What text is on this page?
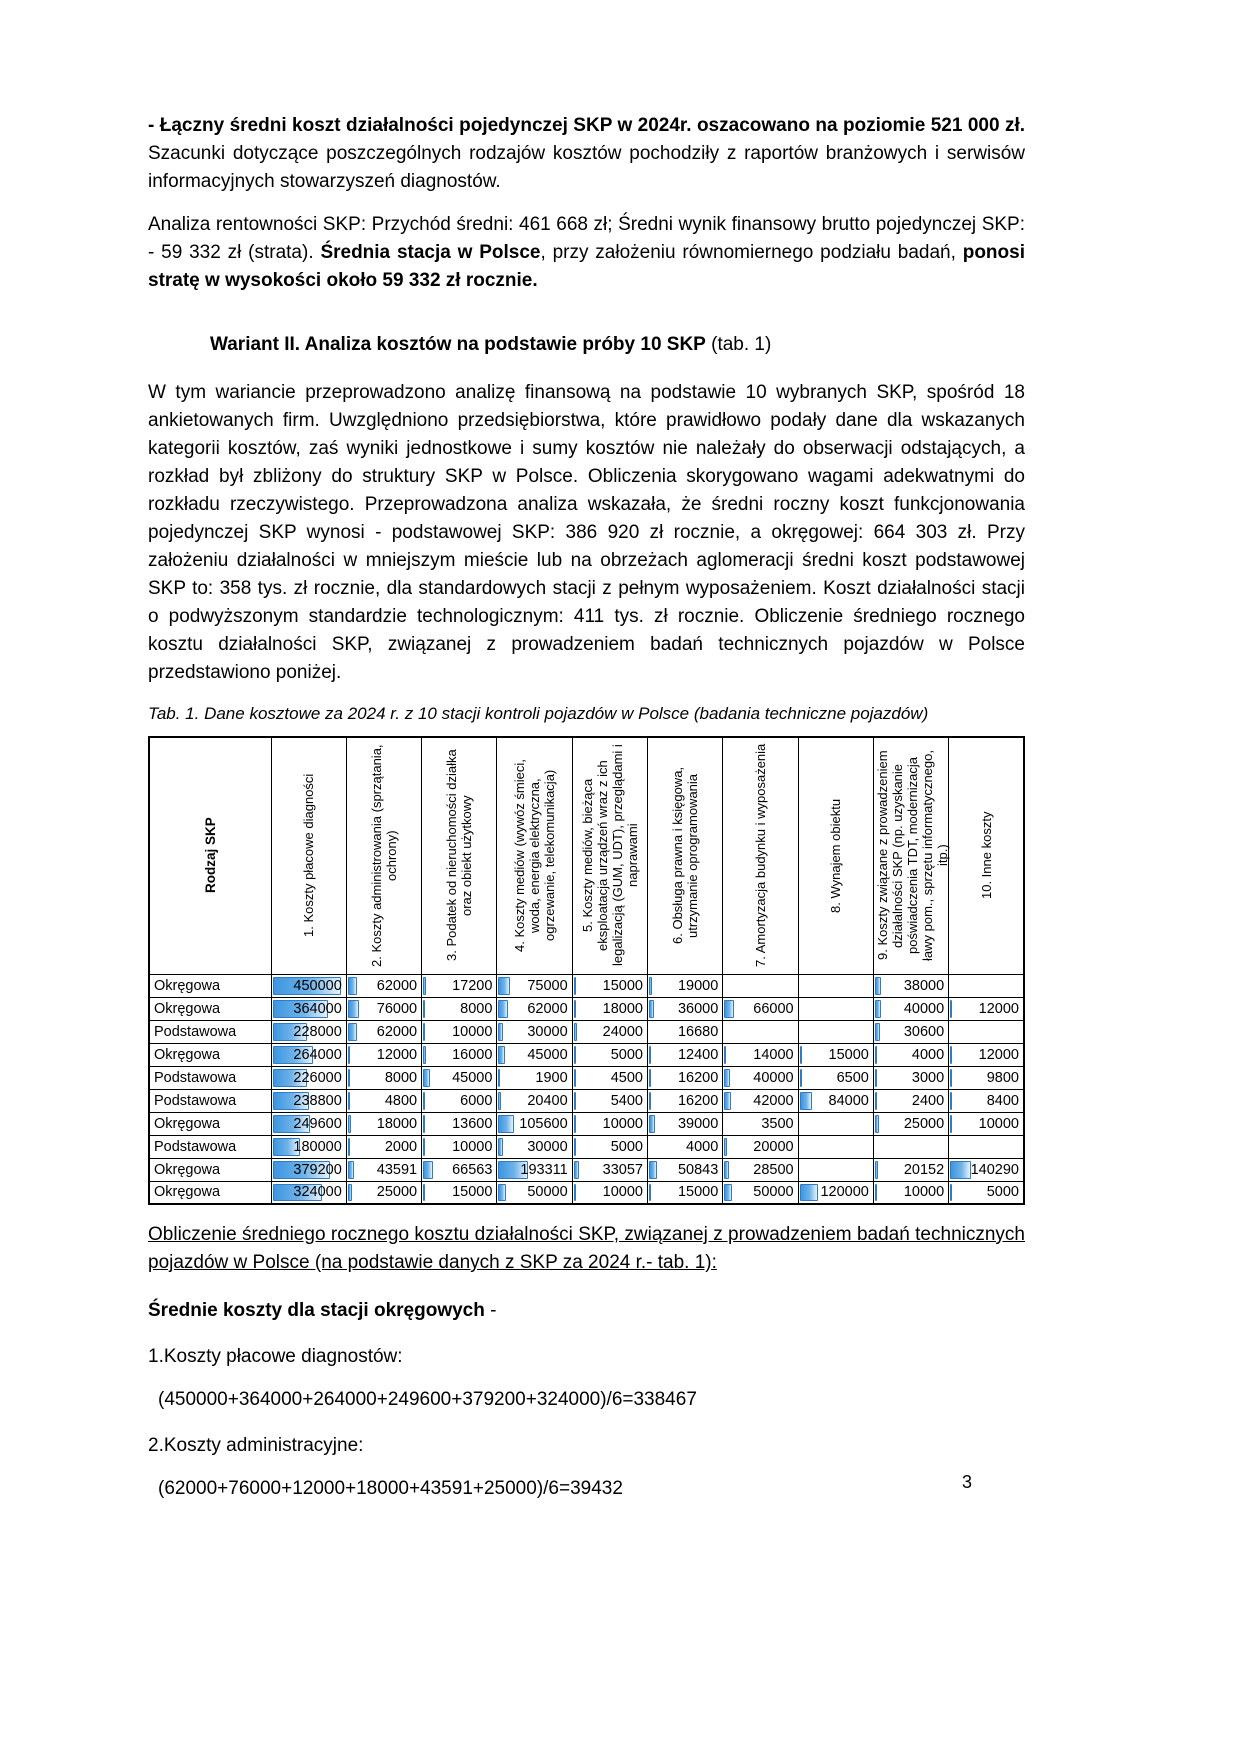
- Łączny średni koszt działalności pojedynczej SKP w 2024r. oszacowano na poziomie 521 000 zł. Szacunki dotyczące poszczególnych rodzajów kosztów pochodziły z raportów branżowych i serwisów informacyjnych stowarzyszeń diagnostów.

Analiza rentowności SKP: Przychód średni: 461 668 zł; Średni wynik finansowy brutto pojedynczej SKP: - 59 332 zł (strata). Średnia stacja w Polsce, przy założeniu równomiernego podziału badań, ponosi stratę w wysokości około 59 332 zł rocznie.

Wariant II. Analiza kosztów na podstawie próby 10 SKP (tab. 1)

W tym wariancie przeprowadzono analizę finansową na podstawie 10 wybranych SKP, spośród 18 ankietowanych firm. Uwzględniono przedsiębiorstwa, które prawidłowo podały dane dla wskazanych kategorii kosztów, zaś wyniki jednostkowe i sumy kosztów nie należały do obserwacji odstających, a rozkład był zbliżony do struktury SKP w Polsce. Obliczenia skorygowano wagami adekwatnymi do rozkładu rzeczywistego. Przeprowadzona analiza wskazała, że średni roczny koszt funkcjonowania pojedynczej SKP wynosi - podstawowej SKP: 386 920 zł rocznie, a okręgowej: 664 303 zł. Przy założeniu działalności w mniejszym mieście lub na obrzeżach aglomeracji średni koszt podstawowej SKP to: 358 tys. zł rocznie, dla standardowych stacji z pełnym wyposażeniem. Koszt działalności stacji o podwyższonym standardzie technologicznym: 411 tys. zł rocznie. Obliczenie średniego rocznego kosztu działalności SKP, związanej z prowadzeniem badań technicznych pojazdów w Polsce przedstawiono poniżej.

Tab. 1. Dane kosztowe za 2024 r. z 10 stacji kontroli pojazdów w Polsce (badania techniczne pojazdów)

Rodzaj SKP	1. Koszty płacowe diagności	2. Koszty administrowania (sprzątania, ochrony)	3. Podatek od nieruchomości działka oraz obiekt użytkowy	4. Koszty mediów (wywóz śmieci, woda, energia elektryczna, ogrzewanie, telekomunikacja)	5. Koszty mediów, bieżąca eksploatacja urządzeń wraz z ich legalizacją (GUM, UDT), przeglądami i naprawami	6. Obsługa prawna i księgowa, utrzymanie oprogramowania	7. Amortyzacja budynku i wyposażenia	8. Wynajem obiektu	9. Koszty związane z prowadzeniem działalności SKP (np. uzyskanie poświadczenia TDT, modernizacja ławy pom., sprzętu informatycznego, itp.)	10. Inne koszty
Okręgowa	450000	62000	17200	75000	15000	19000			38000	
Okręgowa	364000	76000	8000	62000	18000	36000	66000		40000	12000
Podstawowa	228000	62000	10000	30000	24000	16680			30600	
Okręgowa	264000	12000	16000	45000	5000	12400	14000	15000	4000	12000
Podstawowa	226000	8000	45000	1900	4500	16200	40000	6500	3000	9800
Podstawowa	238800	4800	6000	20400	5400	16200	42000	84000	2400	8400
Okręgowa	249600	18000	13600	105600	10000	39000	3500		25000	10000
Podstawowa	180000	2000	10000	30000	5000	4000	20000			
Okręgowa	379200	43591	66563	193311	33057	50843	28500		20152	140290
Okręgowa	324000	25000	15000	50000	10000	15000	50000	120000	10000	5000

Obliczenie średniego rocznego kosztu działalności SKP, związanej z prowadzeniem badań technicznych pojazdów w Polsce (na podstawie danych z SKP za 2024 r.- tab. 1):

Średnie koszty dla stacji okręgowych -

1.Koszty płacowe diagnostów:

(450000+364000+264000+249600+379200+324000)/6=338467

2.Koszty administracyjne:

(62000+76000+12000+18000+43591+25000)/6=39432	3
